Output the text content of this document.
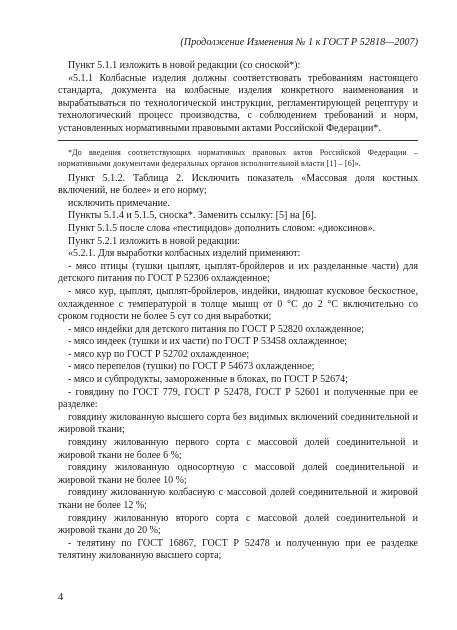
(Продолжение Изменения № 1 к ГОСТ Р 52818—2007)

Пункт 5.1.1 изложить в новой редакции (со сноской*):

«5.1.1 Колбасные изделия должны соответствовать требованиям настоящего стандарта, документа на колбасные изделия конкретного наименования и вырабатываться по технологической инструкции, регламентирующей рецептуру и технологический процесс производства, с соблюдением требований и норм, установленных нормативными правовыми актами Российской Федерации*.

*До введения соответствующих нормативных правовых актов Российской Федерации – нормативными документами федеральных органов исполнительной власти [1] – [6]».

Пункт 5.1.2. Таблица 2. Исключить показатель «Массовая доля костных включений, не более» и его норму;

исключить примечание.

Пункты 5.1.4 и 5.1.5, сноска*. Заменить ссылку: [5] на [6].

Пункт 5.1.5 после слова «пестицидов» дополнить словом: «диоксинов».

Пункт 5.2.1 изложить в новой редакции:

«5.2.1. Для выработки колбасных изделий применяют:

- мясо птицы (тушки цыплят, цыплят-бройлеров и их разделанные части) для детского питания по ГОСТ Р 52306 охлажденное;

- мясо кур, цыплят, цыплят-бройлеров, индейки, индюшат кусковое бескостное, охлажденное с температурой в толще мышц от 0 °С до 2 °С включительно со сроком годности не более 5 сут со дня выработки;

- мясо индейки для детского питания по ГОСТ Р 52820 охлажденное;

- мясо индеек (тушки и их части) по ГОСТ Р 53458 охлажденное;

- мясо кур по ГОСТ Р 52702 охлажденное;

- мясо перепелов (тушки) по ГОСТ Р 54673 охлажденное;

- мясо и субпродукты, замороженные в блоках, по ГОСТ Р 52674;

- говядину по ГОСТ 779, ГОСТ Р 52478, ГОСТ Р 52601 и полученные при ее разделке:

говядину жилованную высшего сорта без видимых включений соединительной и жировой ткани;

говядину жилованную первого сорта с массовой долей соединительной и жировой ткани не более 6 %;

говядину жилованную односортную с массовой долей соединительной и жировой ткани не более 10 %;

говядину жилованную колбасную с массовой долей соединительной и жировой ткани не более 12 %;

говядину жилованную второго сорта с массовой долей соединительной и жировой ткани до 20 %;

- телятину по ГОСТ 16867, ГОСТ Р 52478 и полученную при ее разделке телятину жилованную высшего сорта;

4
